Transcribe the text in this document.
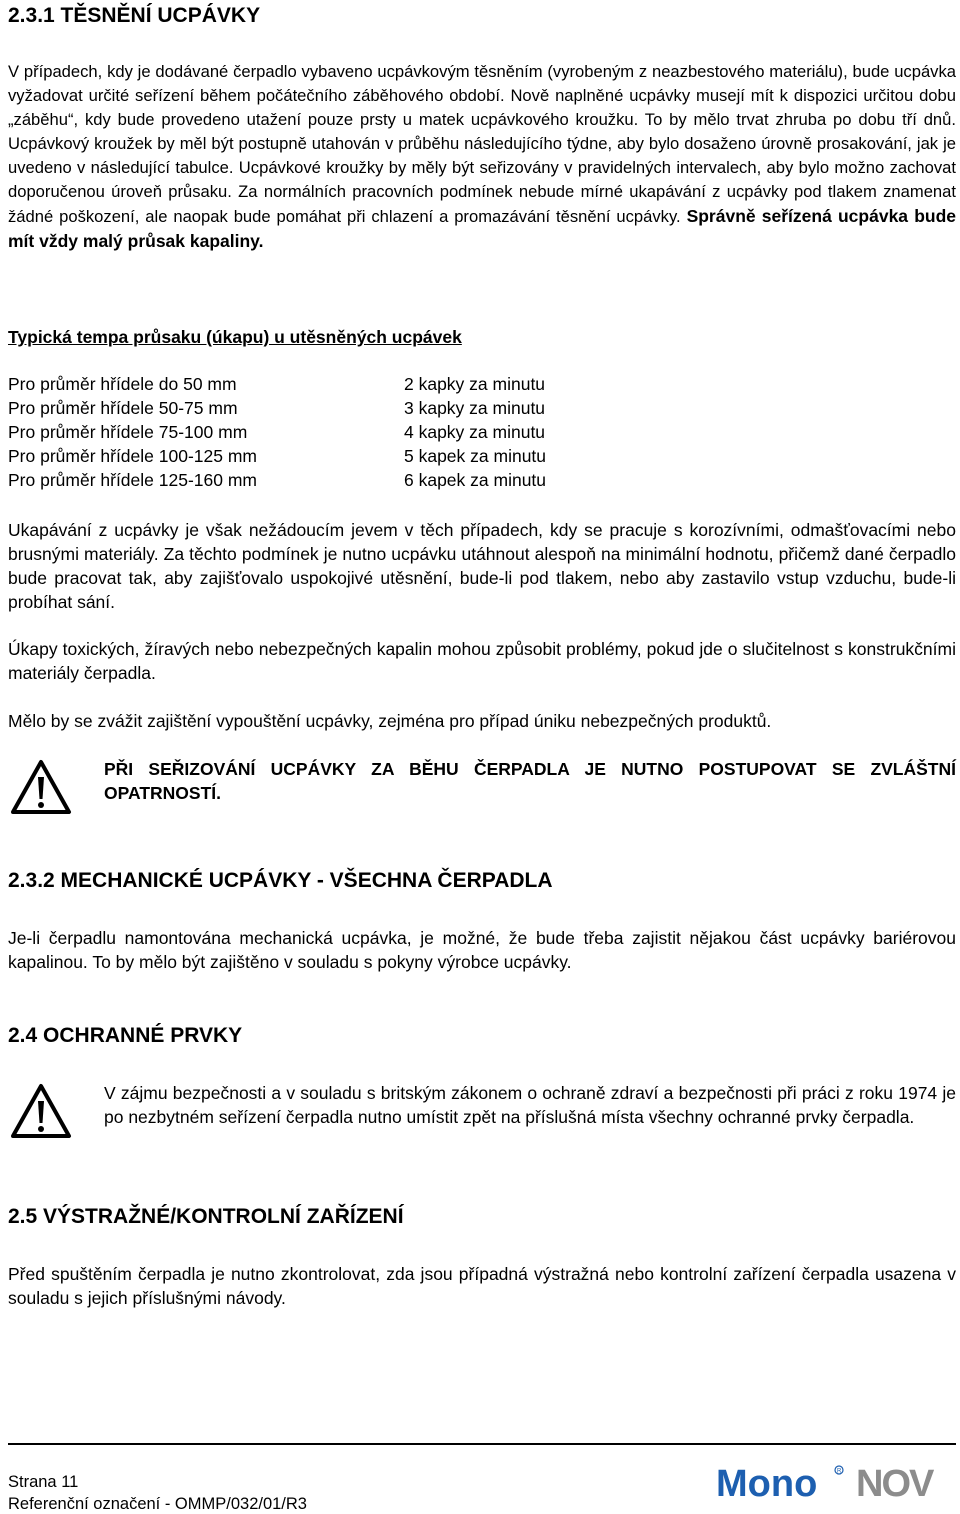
2.3.1 TĚSNĚNÍ UCPÁVKY
V případech, kdy je dodávané čerpadlo vybaveno ucpávkovým těsněním (vyrobeným z neazbestového materiálu), bude ucpávka vyžadovat určité seřízení během počátečního záběhového období. Nově naplněné ucpávky musejí mít k dispozici určitou dobu „záběhu“, kdy bude provedeno utažení pouze prsty u matek ucpávkového kroužku. To by mělo trvat zhruba po dobu tří dnů. Ucpávkový kroužek by měl být postupně utahován v průběhu následujícího týdne, aby bylo dosaženo úrovně prosakování, jak je uvedeno v následující tabulce. Ucpávkové kroužky by měly být seřizovány v pravidelných intervalech, aby bylo možno zachovat doporučenou úroveň průsaku. Za normálních pracovních podmínek nebude mírné ukapávání z ucpávky pod tlakem znamenat žádné poškození, ale naopak bude pomáhat při chlazení a promazávání těsnění ucpávky. Správně seřízená ucpávka bude mít vždy malý průsak kapaliny.
Typická tempa průsaku (úkapu) u utěsněných ucpávek
Pro průměr hřídele do 50 mm	2 kapky za minutu
Pro průměr hřídele 50-75 mm	3 kapky za minutu
Pro průměr hřídele 75-100 mm	4 kapky za minutu
Pro průměr hřídele 100-125 mm	5 kapek za minutu
Pro průměr hřídele 125-160 mm	6 kapek za minutu
Ukapávání z ucpávky je však nežádoucím jevem v těch případech, kdy se pracuje s korozívními, odmašťovacími nebo brusnými materiály. Za těchto podmínek je nutno ucpávku utáhnout alespoň na minimální hodnotu, přičemž dané čerpadlo bude pracovat tak, aby zajišťovalo uspokojivé utěsnění, bude-li pod tlakem, nebo aby zastavilo vstup vzduchu, bude-li probíhat sání.
Úkapy toxických, žíravých nebo nebezpečných kapalin mohou způsobit problémy, pokud jde o slučitelnost s konstrukčními materiály čerpadla.
Mělo by se zvážit zajištění vypouštění ucpávky, zejména pro případ úniku nebezpečných produktů.
PŘI SEŘIZOVÁNÍ UCPÁVKY ZA BĚHU ČERPADLA JE NUTNO POSTUPOVAT SE ZVLÁŠTNÍ OPATRNOSTÍ.
2.3.2 MECHANICKÉ UCPÁVKY - VŠECHNA ČERPADLA
Je-li čerpadlu namontována mechanická ucpávka, je možné, že bude třeba zajistit nějakou část ucpávky bariérovou kapalinou. To by mělo být zajištěno v souladu s pokyny výrobce ucpávky.
2.4 OCHRANNÉ PRVKY
V zájmu bezpečnosti a v souladu s britským zákonem o ochraně zdraví a bezpečnosti při práci z roku 1974 je po nezbytném seřízení čerpadla nutno umístit zpět na příslušná místa všechny ochranné prvky čerpadla.
2.5 VÝSTRAŽNÉ/KONTROLNÍ ZAŘÍZENÍ
Před spuštěním čerpadla je nutno zkontrolovat, zda jsou případná výstražná nebo kontrolní zařízení čerpadla usazena v souladu s jejich příslušnými návody.
Strana 11
Referenční označení - OMMP/032/01/R3	Mono	R NOV
